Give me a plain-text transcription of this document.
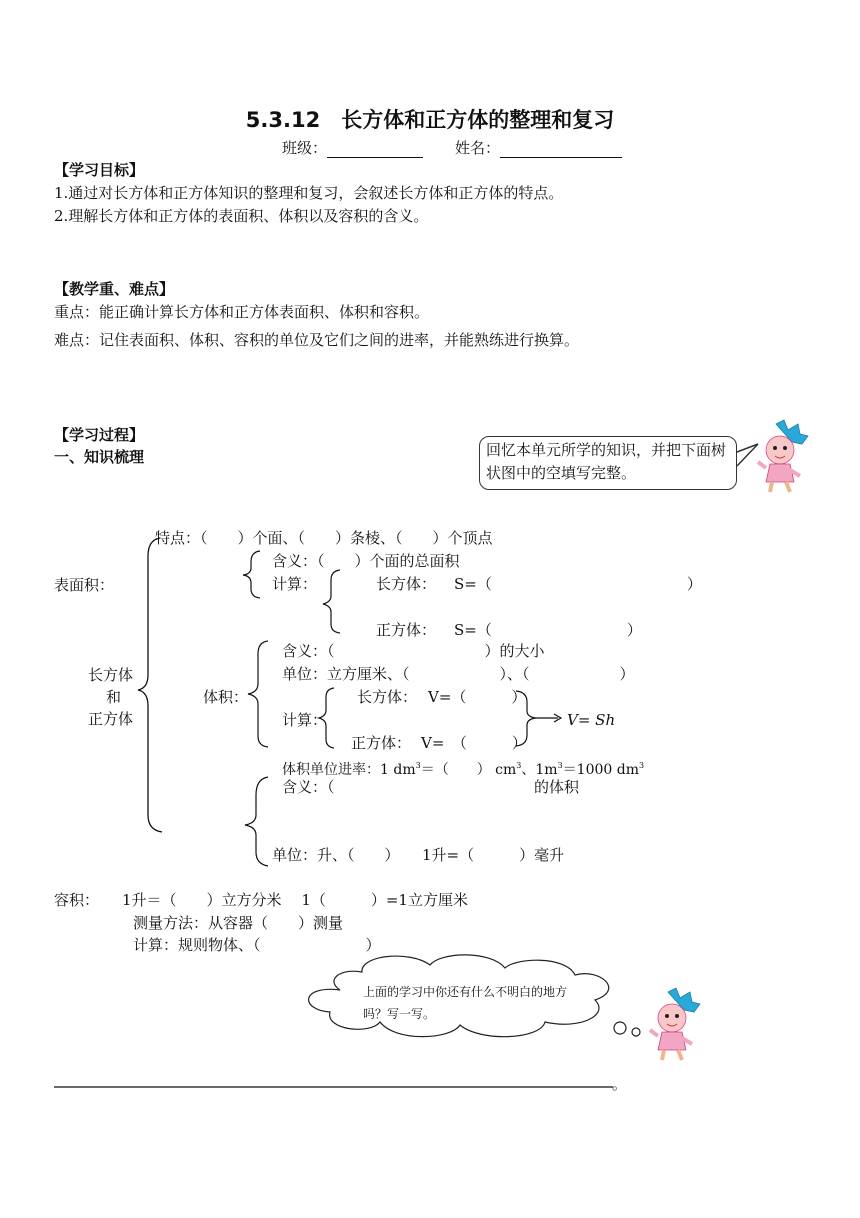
5.3.12　长方体和正方体的整理和复习
班级：	姓名：
【学习目标】
1.通过对长方体和正方体知识的整理和复习，会叙述长方体和正方体的特点。
2.理解长方体和正方体的表面积、体积以及容积的含义。
【教学重、难点】
重点：能正确计算长方体和正方体表面积、体积和容积。
难点：记住表面积、体积、容积的单位及它们之间的进率，并能熟练进行换算。
【学习过程】
一、知识梳理	回忆本单元所学的知识，并把下面树状图中的空填写完整。
特点：（　　）个面、（　　）条棱、（　　）个顶点
表面积：
含义：（　　）个面的总面积
计算：	长方体： S=（　　　　　　　　　　　　　）
正方体： S=（　　　　　　　　　）
长方体
和
正方体
体积：
含义：（　　　　　　　　　　）的大小
单位：立方厘米、（　　　　　　）、（　　　　　　）
长方体： V=（　　　）
计算：	V= Sh
正方体： V=　（　　　）
体积单位进率：1 $dm^3=$（　　） $cm^3$、$1m^3=1000$ $dm^3$
含义：（	的体积
单位：升、（　　）　　1升=（　　　）毫升
容积： 1升＝（　　）立方分米　 1（　　　）=1立方厘米
测量方法：从容器（　　）测量
计算：规则物体、（　　　　　　　）
上面的学习中你还有什么不明白的地方吗？写一写。
。
